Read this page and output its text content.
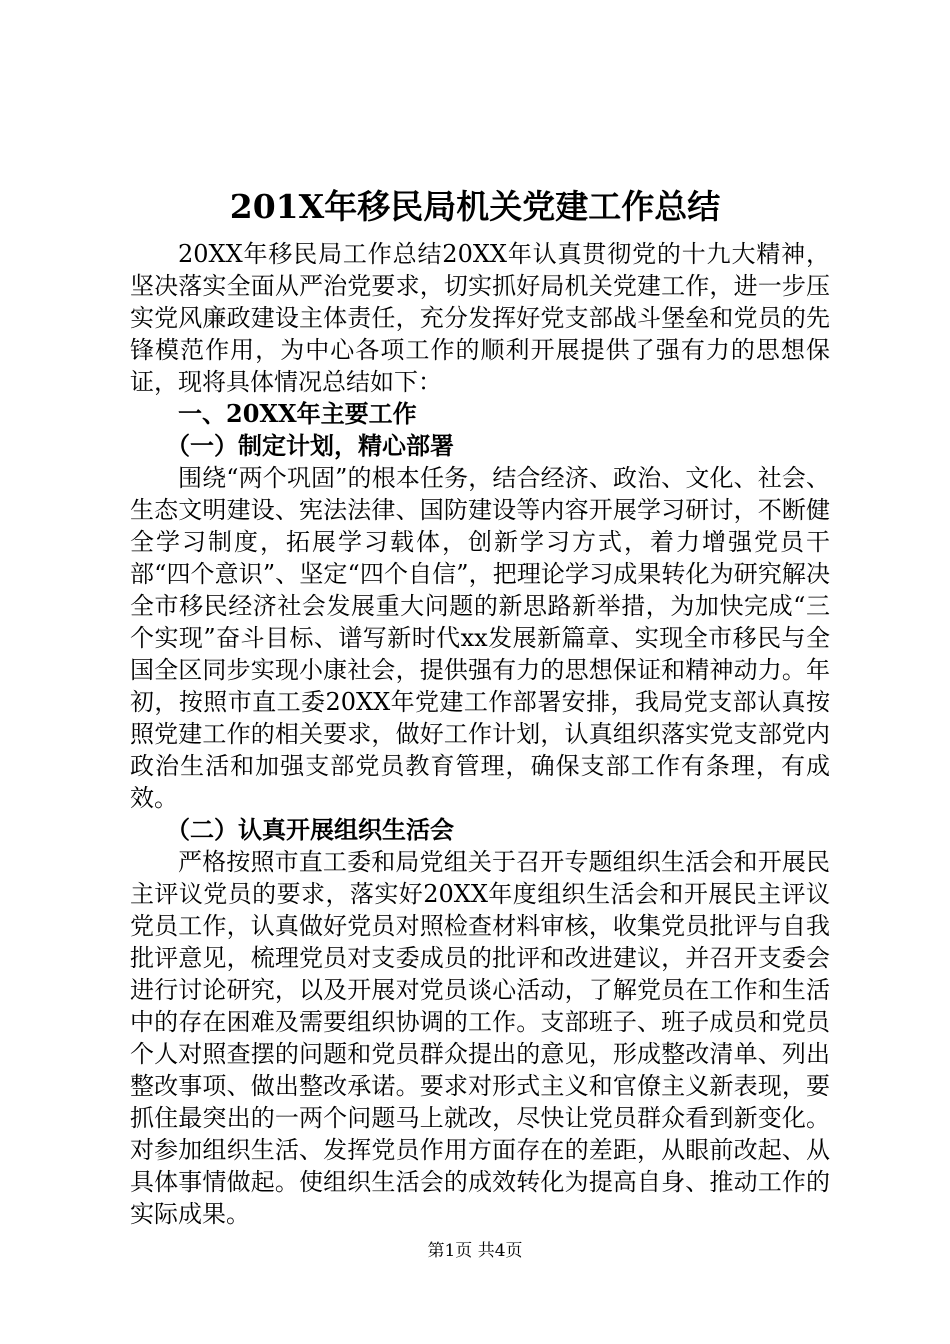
201X年移民局机关党建工作总结

20XX年移民局工作总结20XX年认真贯彻党的十九大精神，坚决落实全面从严治党要求，切实抓好局机关党建工作，进一步压实党风廉政建设主体责任，充分发挥好党支部战斗堡垒和党员的先锋模范作用，为中心各项工作的顺利开展提供了强有力的思想保证，现将具体情况总结如下：

一、20XX年主要工作

（一）制定计划，精心部署

围绕“两个巩固”的根本任务，结合经济、政治、文化、社会、生态文明建设、宪法法律、国防建设等内容开展学习研讨，不断健全学习制度，拓展学习载体，创新学习方式，着力增强党员干部“四个意识”、坚定“四个自信”，把理论学习成果转化为研究解决全市移民经济社会发展重大问题的新思路新举措，为加快完成“三个实现”奋斗目标、谱写新时代xx发展新篇章、实现全市移民与全国全区同步实现小康社会，提供强有力的思想保证和精神动力。年初，按照市直工委20XX年党建工作部署安排，我局党支部认真按照党建工作的相关要求，做好工作计划，认真组织落实党支部党内政治生活和加强支部党员教育管理，确保支部工作有条理，有成效。

（二）认真开展组织生活会

严格按照市直工委和局党组关于召开专题组织生活会和开展民主评议党员的要求，落实好20XX年度组织生活会和开展民主评议党员工作，认真做好党员对照检查材料审核，收集党员批评与自我批评意见，梳理党员对支委成员的批评和改进建议，并召开支委会进行讨论研究，以及开展对党员谈心活动，了解党员在工作和生活中的存在困难及需要组织协调的工作。支部班子、班子成员和党员个人对照查摆的问题和党员群众提出的意见，形成整改清单、列出整改事项、做出整改承诺。要求对形式主义和官僚主义新表现，要抓住最突出的一两个问题马上就改，尽快让党员群众看到新变化。对参加组织生活、发挥党员作用方面存在的差距，从眼前改起、从具体事情做起。使组织生活会的成效转化为提高自身、推动工作的实际成果。

第1页 共4页
